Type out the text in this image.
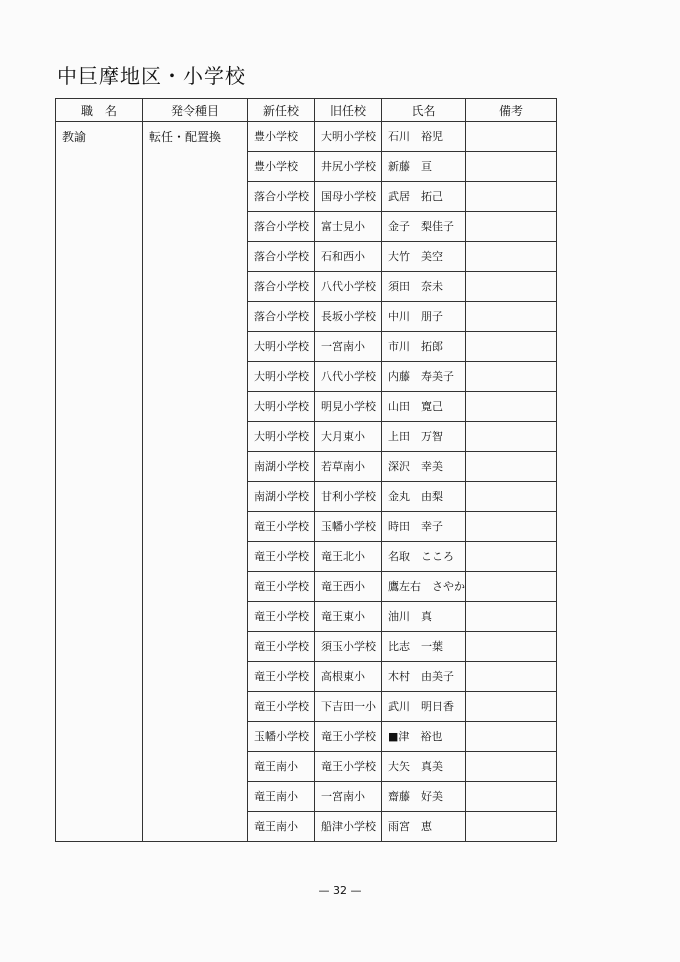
中巨摩地区・小学校
職　名	発令種目	新任校	旧任校	氏名	備考
教諭	転任・配置換	豊小学校	大明小学校	石川　裕児	
		豊小学校	井尻小学校	新藤　亘	
		落合小学校	国母小学校	武居　拓己	
		落合小学校	富士見小	金子　梨佳子	
		落合小学校	石和西小	大竹　美空	
		落合小学校	八代小学校	須田　奈未	
		落合小学校	長坂小学校	中川　朋子	
		大明小学校	一宮南小	市川　拓郎	
		大明小学校	八代小学校	内藤　寿美子	
		大明小学校	明見小学校	山田　寛己	
		大明小学校	大月東小	上田　万智	
		南湖小学校	若草南小	深沢　幸美	
		南湖小学校	甘利小学校	金丸　由梨	
		竜王小学校	玉幡小学校	時田　幸子	
		竜王小学校	竜王北小	名取　こころ	
		竜王小学校	竜王西小	鷹左右　さやか	
		竜王小学校	竜王東小	油川　真	
		竜王小学校	須玉小学校	比志　一葉	
		竜王小学校	高根東小	木村　由美子	
		竜王小学校	下吉田一小	武川　明日香	
		玉幡小学校	竜王小学校	■津　裕也	
		竜王南小	竜王小学校	大矢　真美	
		竜王南小	一宮南小	齋藤　好美	
		竜王南小	船津小学校	雨宮　恵	
— 32 —
